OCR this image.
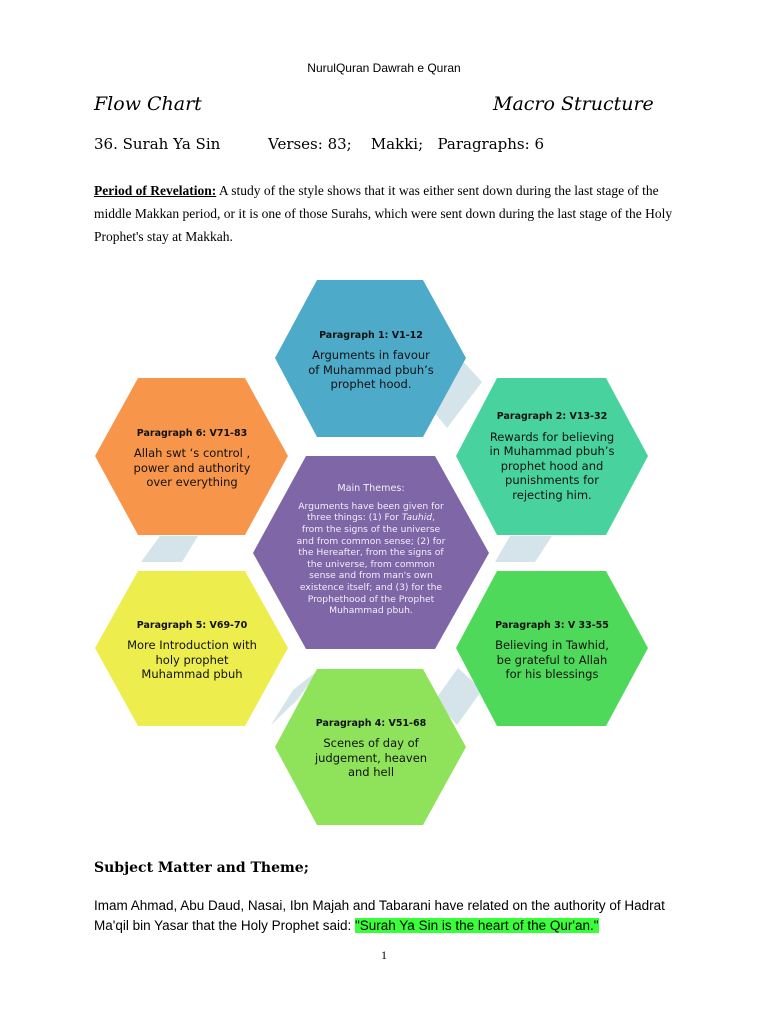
NurulQuran Dawrah e Quran
Flow Chart	Macro Structure
36. Surah Ya Sin	Verses: 83; Makki; Paragraphs: 6
Period of Revelation: A study of the style shows that it was either sent down during the last stage of the middle Makkan period, or it is one of those Surahs, which were sent down during the last stage of the Holy Prophet's stay at Makkah.
Paragraph 1: V1-12
Arguments in favour of Muhammad pbuh’s prophet hood.
Paragraph 2: V13-32
Rewards for believing in Muhammad pbuh’s prophet hood and punishments for rejecting him.
Paragraph 3: V 33-55
Believing in Tawhid, be grateful to Allah for his blessings
Paragraph 4: V51-68
Scenes of day of judgement, heaven and hell
Paragraph 5: V69-70
More Introduction with holy prophet Muhammad pbuh
Paragraph 6: V71-83
Allah swt ‘s control , power and authority over everything	Main Themes:
Arguments have been given for three things: (1) For Tauhid, from the signs of the universe and from common sense; (2) for the Hereafter, from the signs of the universe, from common sense and from man's own existence itself; and (3) for the Prophethood of the Prophet Muhammad pbuh.
Subject Matter and Theme;
Imam Ahmad, Abu Daud, Nasai, Ibn Majah and Tabarani have related on the authority of Hadrat Ma'qil bin Yasar that the Holy Prophet said: "Surah Ya Sin is the heart of the Qur'an."
1
